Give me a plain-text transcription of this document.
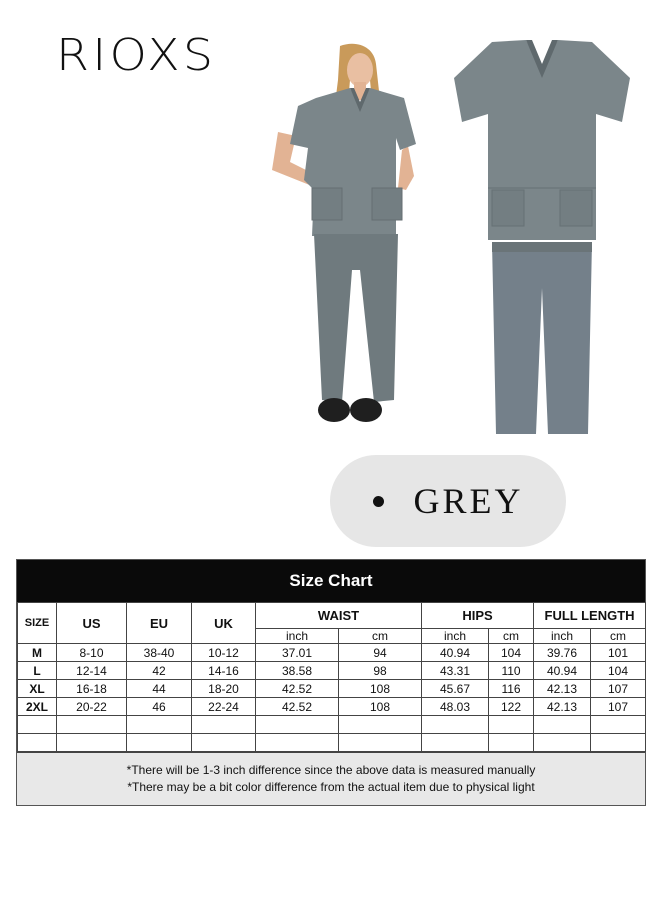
RIOXS
GREY
Size Chart
SIZE	US	EU	UK	WAIST		HIPS		FULL LENGTH	
				inch	cm	inch	cm	inch	cm
M	8-10	38-40	10-12	37.01	94	40.94	104	39.76	101
L	12-14	42	14-16	38.58	98	43.31	110	40.94	104
XL	16-18	44	18-20	42.52	108	45.67	116	42.13	107
2XL	20-22	46	22-24	42.52	108	48.03	122	42.13	107

*There will be 1-3 inch difference since the above data is measured manually
*There may be a bit color difference from the actual item due to physical light
